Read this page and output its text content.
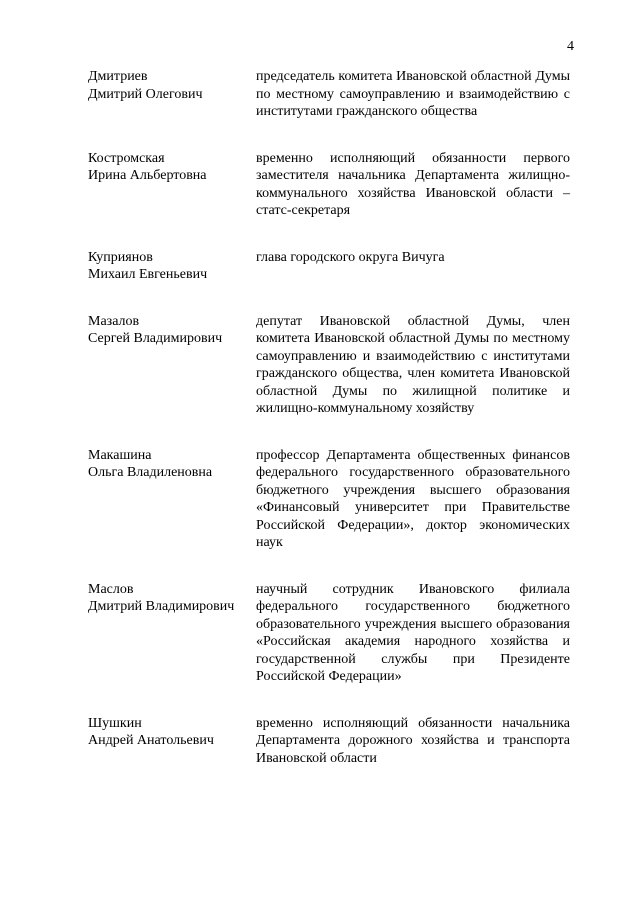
4
Дмитриев
Дмитрий Олегович
председатель комитета Ивановской областной Думы по местному самоуправлению и взаимодействию с институтами гражданского общества
Костромская
Ирина Альбертовна
временно исполняющий обязанности первого заместителя начальника Департамента жилищно-коммунального хозяйства Ивановской области – статс-секретаря
Куприянов
Михаил Евгеньевич
глава городского округа Вичуга
Мазалов
Сергей Владимирович
депутат Ивановской областной Думы, член комитета Ивановской областной Думы по местному самоуправлению и взаимодействию с институтами гражданского общества, член комитета Ивановской областной Думы по жилищной политике и жилищно-коммунальному хозяйству
Макашина
Ольга Владиленовна
профессор Департамента общественных финансов федерального государственного образовательного бюджетного учреждения высшего образования «Финансовый университет при Правительстве Российской Федерации», доктор экономических наук
Маслов
Дмитрий Владимирович
научный сотрудник Ивановского филиала федерального государственного бюджетного образовательного учреждения высшего образования «Российская академия народного хозяйства и государственной службы при Президенте Российской Федерации»
Шушкин
Андрей Анатольевич
временно исполняющий обязанности начальника Департамента дорожного хозяйства и транспорта Ивановской области
